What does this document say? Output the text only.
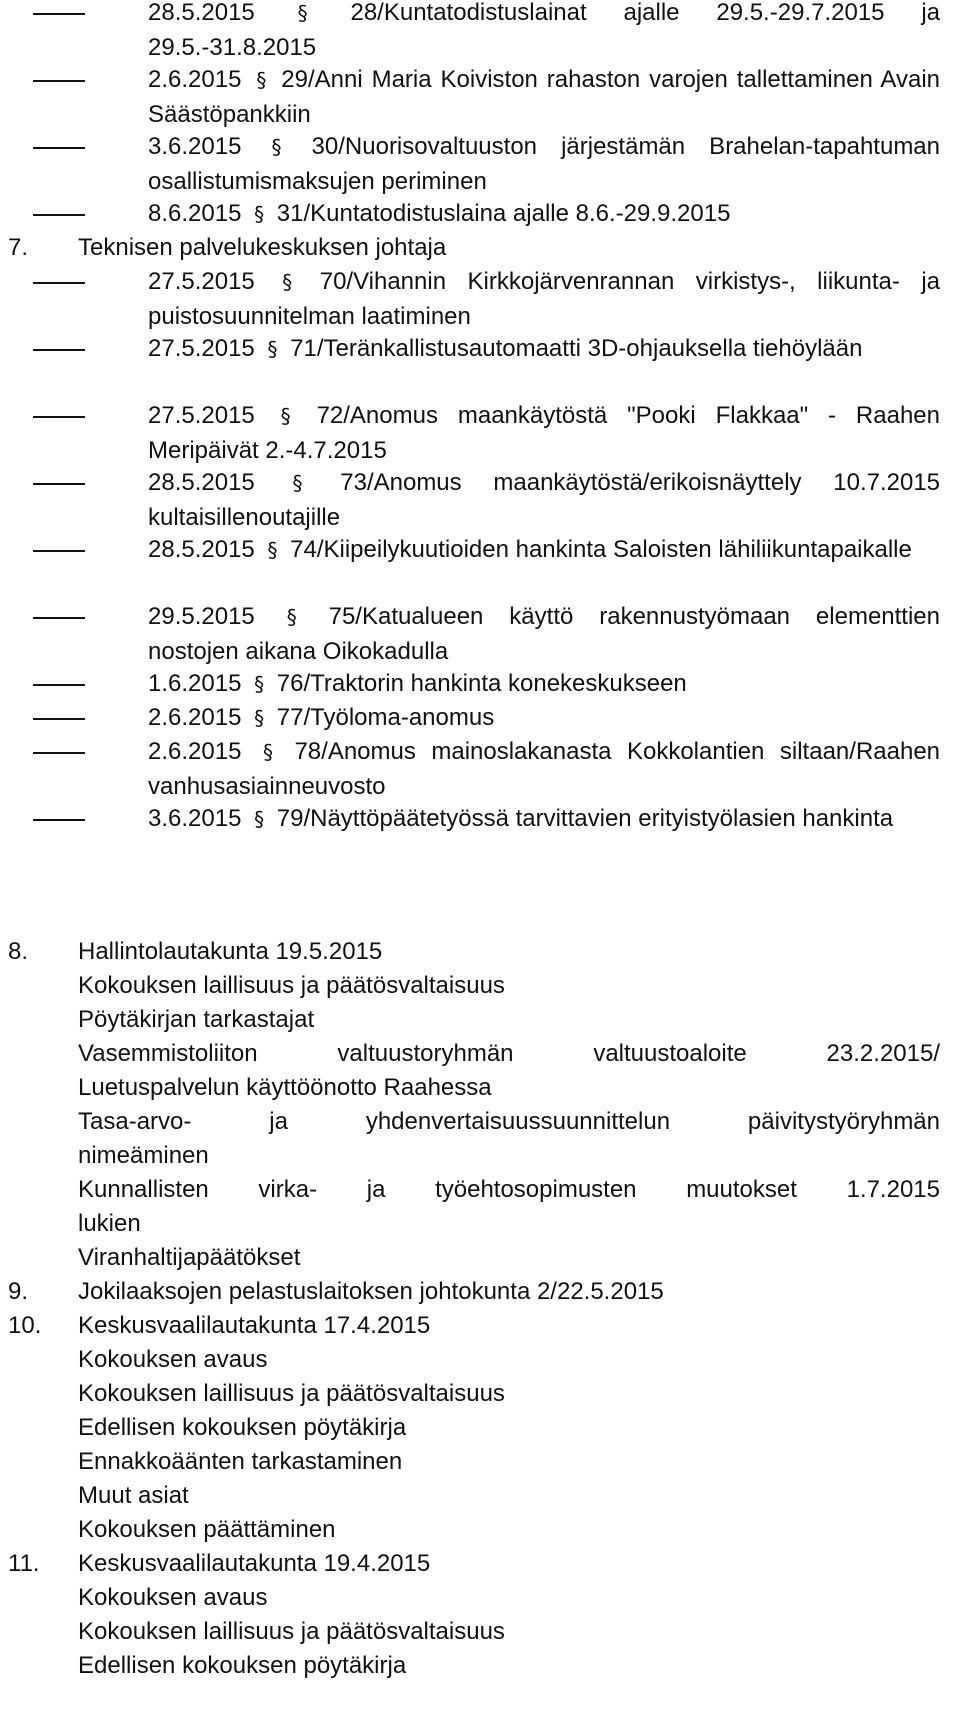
28.5.2015 § 28/Kuntatodistuslainat ajalle 29.5.-29.7.2015 ja 29.5.-31.8.2015
2.6.2015 § 29/Anni Maria Koiviston rahaston varojen tallettaminen Avain Säästöpankkiin
3.6.2015 § 30/Nuorisovaltuuston järjestämän Brahelan-tapahtuman osallistumismaksujen periminen
8.6.2015 § 31/Kuntatodistuslaina ajalle 8.6.-29.9.2015
7. Teknisen palvelukeskuksen johtaja
27.5.2015 § 70/Vihannin Kirkkojärvenrannan virkistys-, liikunta- ja puistosuunnitelman laatiminen
27.5.2015 § 71/Teränkallistusautomaatti 3D-ohjauksella tiehöylään
27.5.2015 § 72/Anomus maankäytöstä "Pooki Flakkaa" - Raahen Meripäivät 2.-4.7.2015
28.5.2015 § 73/Anomus maankäytöstä/erikoisnäyttely 10.7.2015 kultaisillenoutajille
28.5.2015 § 74/Kiipeilykuutioiden hankinta Saloisten lähiliikuntapaikalle
29.5.2015 § 75/Katualueen käyttö rakennustyömaan elementtien nostojen aikana Oikokadulla
1.6.2015 § 76/Traktorin hankinta konekeskukseen
2.6.2015 § 77/Työloma-anomus
2.6.2015 § 78/Anomus mainoslakanasta Kokkolantien siltaan/Raahen vanhusasiainneuvosto
3.6.2015 § 79/Näyttöpäätetyössä tarvittavien erityistyölasien hankinta
8. Hallintolautakunta 19.5.2015
Kokouksen laillisuus ja päätösvaltaisuus
Pöytäkirjan tarkastajat
Vasemmistoliiton valtuustoryhmän valtuustoaloite 23.2.2015/
Luetuspalvelun käyttöönotto Raahessa
Tasa-arvo- ja yhdenvertaisuussuunnittelun päivitystyöryhmän
nimeäminen
Kunnallisten virka- ja työehtosopimusten muutokset 1.7.2015
lukien
Viranhaltijapäätökset
9. Jokilaaksojen pelastuslaitoksen johtokunta 2/22.5.2015
10. Keskusvaalilautakunta 17.4.2015
Kokouksen avaus
Kokouksen laillisuus ja päätösvaltaisuus
Edellisen kokouksen pöytäkirja
Ennakkoäänten tarkastaminen
Muut asiat
Kokouksen päättäminen
11. Keskusvaalilautakunta 19.4.2015
Kokouksen avaus
Kokouksen laillisuus ja päätösvaltaisuus
Edellisen kokouksen pöytäkirja
